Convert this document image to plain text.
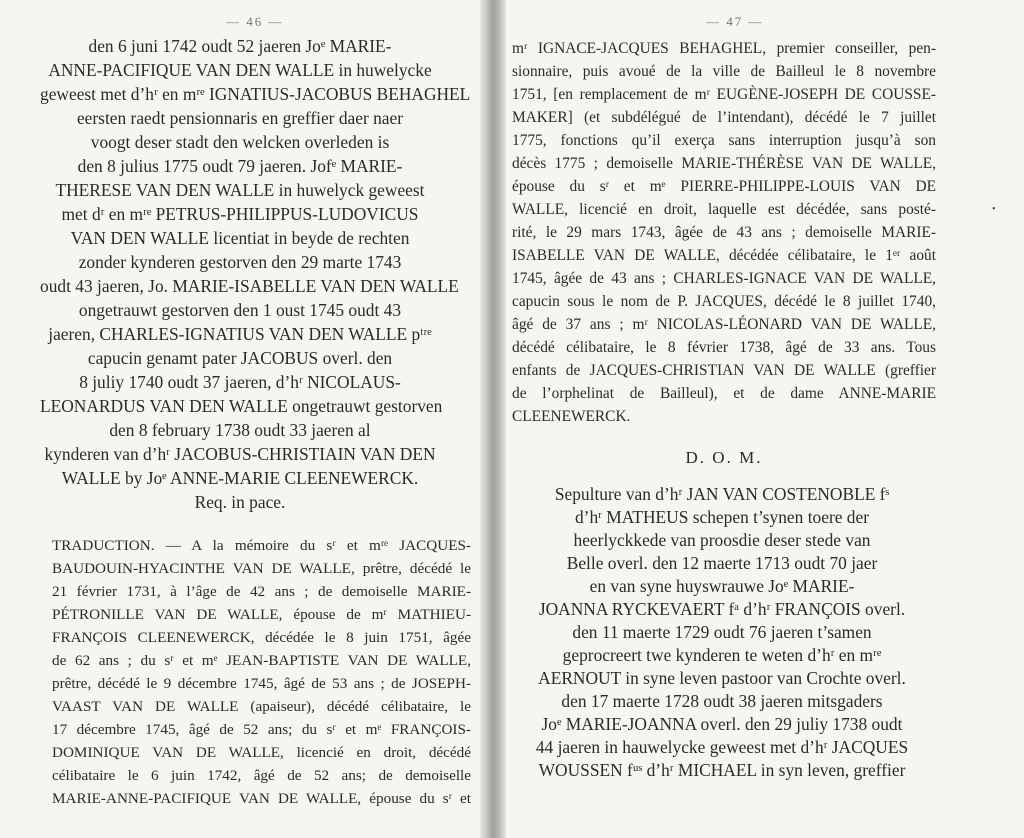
— 46 —
den 6 juni 1742 oudt 52 jaeren Joᵉ MARIE-
ANNE-PACIFIQUE VAN DEN WALLE in huwelycke
geweest met d’hʳ en mʳᵉ IGNATIUS-JACOBUS BEHAGHEL
eersten raedt pensionnaris en greffier daer naer
voogt deser stadt den welcken overleden is
den 8 julius 1775 oudt 79 jaeren. Jofᵉ MARIE-
THERESE VAN DEN WALLE in huwelyck geweest
met dʳ en mʳᵉ PETRUS-PHILIPPUS-LUDOVICUS
VAN DEN WALLE licentiat in beyde de rechten
zonder kynderen gestorven den 29 marte 1743
oudt 43 jaeren, Jo. MARIE-ISABELLE VAN DEN WALLE
ongetrauwt gestorven den 1 oust 1745 oudt 43
jaeren, CHARLES-IGNATIUS VAN DEN WALLE pᵗʳᵉ
capucin genamt pater JACOBUS overl. den
8 juliy 1740 oudt 37 jaeren, d’hʳ NICOLAUS-
LEONARDUS VAN DEN WALLE ongetrauwt gestorven
den 8 february 1738 oudt 33 jaeren al
kynderen van d’hʳ JACOBUS-CHRISTIAIN VAN DEN
WALLE by Joᵉ ANNE-MARIE CLEENEWERCK.
Req. in pace.
TRADUCTION. — A la mémoire du sʳ et mʳᵉ JACQUES-
BAUDOUIN-HYACINTHE VAN DE WALLE, prêtre, décédé le
21 février 1731, à l’âge de 42 ans ; de demoiselle MARIE-
PÉTRONILLE VAN DE WALLE, épouse de mʳ MATHIEU-
FRANÇOIS CLEENEWERCK, décédée le 8 juin 1751, âgée
de 62 ans ; du sʳ et mᵉ JEAN-BAPTISTE VAN DE WALLE,
prêtre, décédé le 9 décembre 1745, âgé de 53 ans ; de JOSEPH-
VAAST VAN DE WALLE (apaiseur), décédé célibataire, le
17 décembre 1745, âgé de 52 ans; du sʳ et mᵉ FRANÇOIS-
DOMINIQUE VAN DE WALLE, licencié en droit, décédé
célibataire le 6 juin 1742, âgé de 52 ans; de demoiselle
MARIE-ANNE-PACIFIQUE VAN DE WALLE, épouse du sʳ et
— 47 —
mʳ IGNACE-JACQUES BEHAGHEL, premier conseiller, pen-
sionnaire, puis avoué de la ville de Bailleul le 8 novembre
1751, [en remplacement de mʳ EUGÈNE-JOSEPH DE COUSSE-
MAKER] (et subdélégué de l’intendant), décédé le 7 juillet
1775, fonctions qu’il exerça sans interruption jusqu’à son
décès 1775 ; demoiselle MARIE-THÉRÈSE VAN DE WALLE,
épouse du sʳ et mᵉ PIERRE-PHILIPPE-LOUIS VAN DE
WALLE, licencié en droit, laquelle est décédée, sans posté-
rité, le 29 mars 1743, âgée de 43 ans ; demoiselle MARIE-
ISABELLE VAN DE WALLE, décédée célibataire, le 1ᵉʳ août
1745, âgée de 43 ans ; CHARLES-IGNACE VAN DE WALLE,
capucin sous le nom de P. JACQUES, décédé le 8 juillet 1740,
âgé de 37 ans ; mʳ NICOLAS-LÉONARD VAN DE WALLE,
décédé célibataire, le 8 février 1738, âgé de 33 ans. Tous
enfants de JACQUES-CHRISTIAN VAN DE WALLE (greffier
de l’orphelinat de Bailleul), et de dame ANNE-MARIE
CLEENEWERCK.
D. O. M.
Sepulture van d’hʳ JAN VAN COSTENOBLE fˢ
d’hʳ MATHEUS schepen t’synen toere der
heerlyckkede van proosdie deser stede van
Belle overl. den 12 maerte 1713 oudt 70 jaer
en van syne huyswrauwe Joᵉ MARIE-
JOANNA RYCKEVAERT fᵃ d’hʳ FRANÇOIS overl.
den 11 maerte 1729 oudt 76 jaeren t’samen
geprocreert twe kynderen te weten d’hʳ en mʳᵉ
AERNOUT in syne leven pastoor van Crochte overl.
den 17 maerte 1728 oudt 38 jaeren mitsgaders
Joᵉ MARIE-JOANNA overl. den 29 juliy 1738 oudt
44 jaeren in hauwelycke geweest met d’hʳ JACQUES
WOUSSEN fᵘˢ d’hʳ MICHAEL in syn leven, greffier
•
